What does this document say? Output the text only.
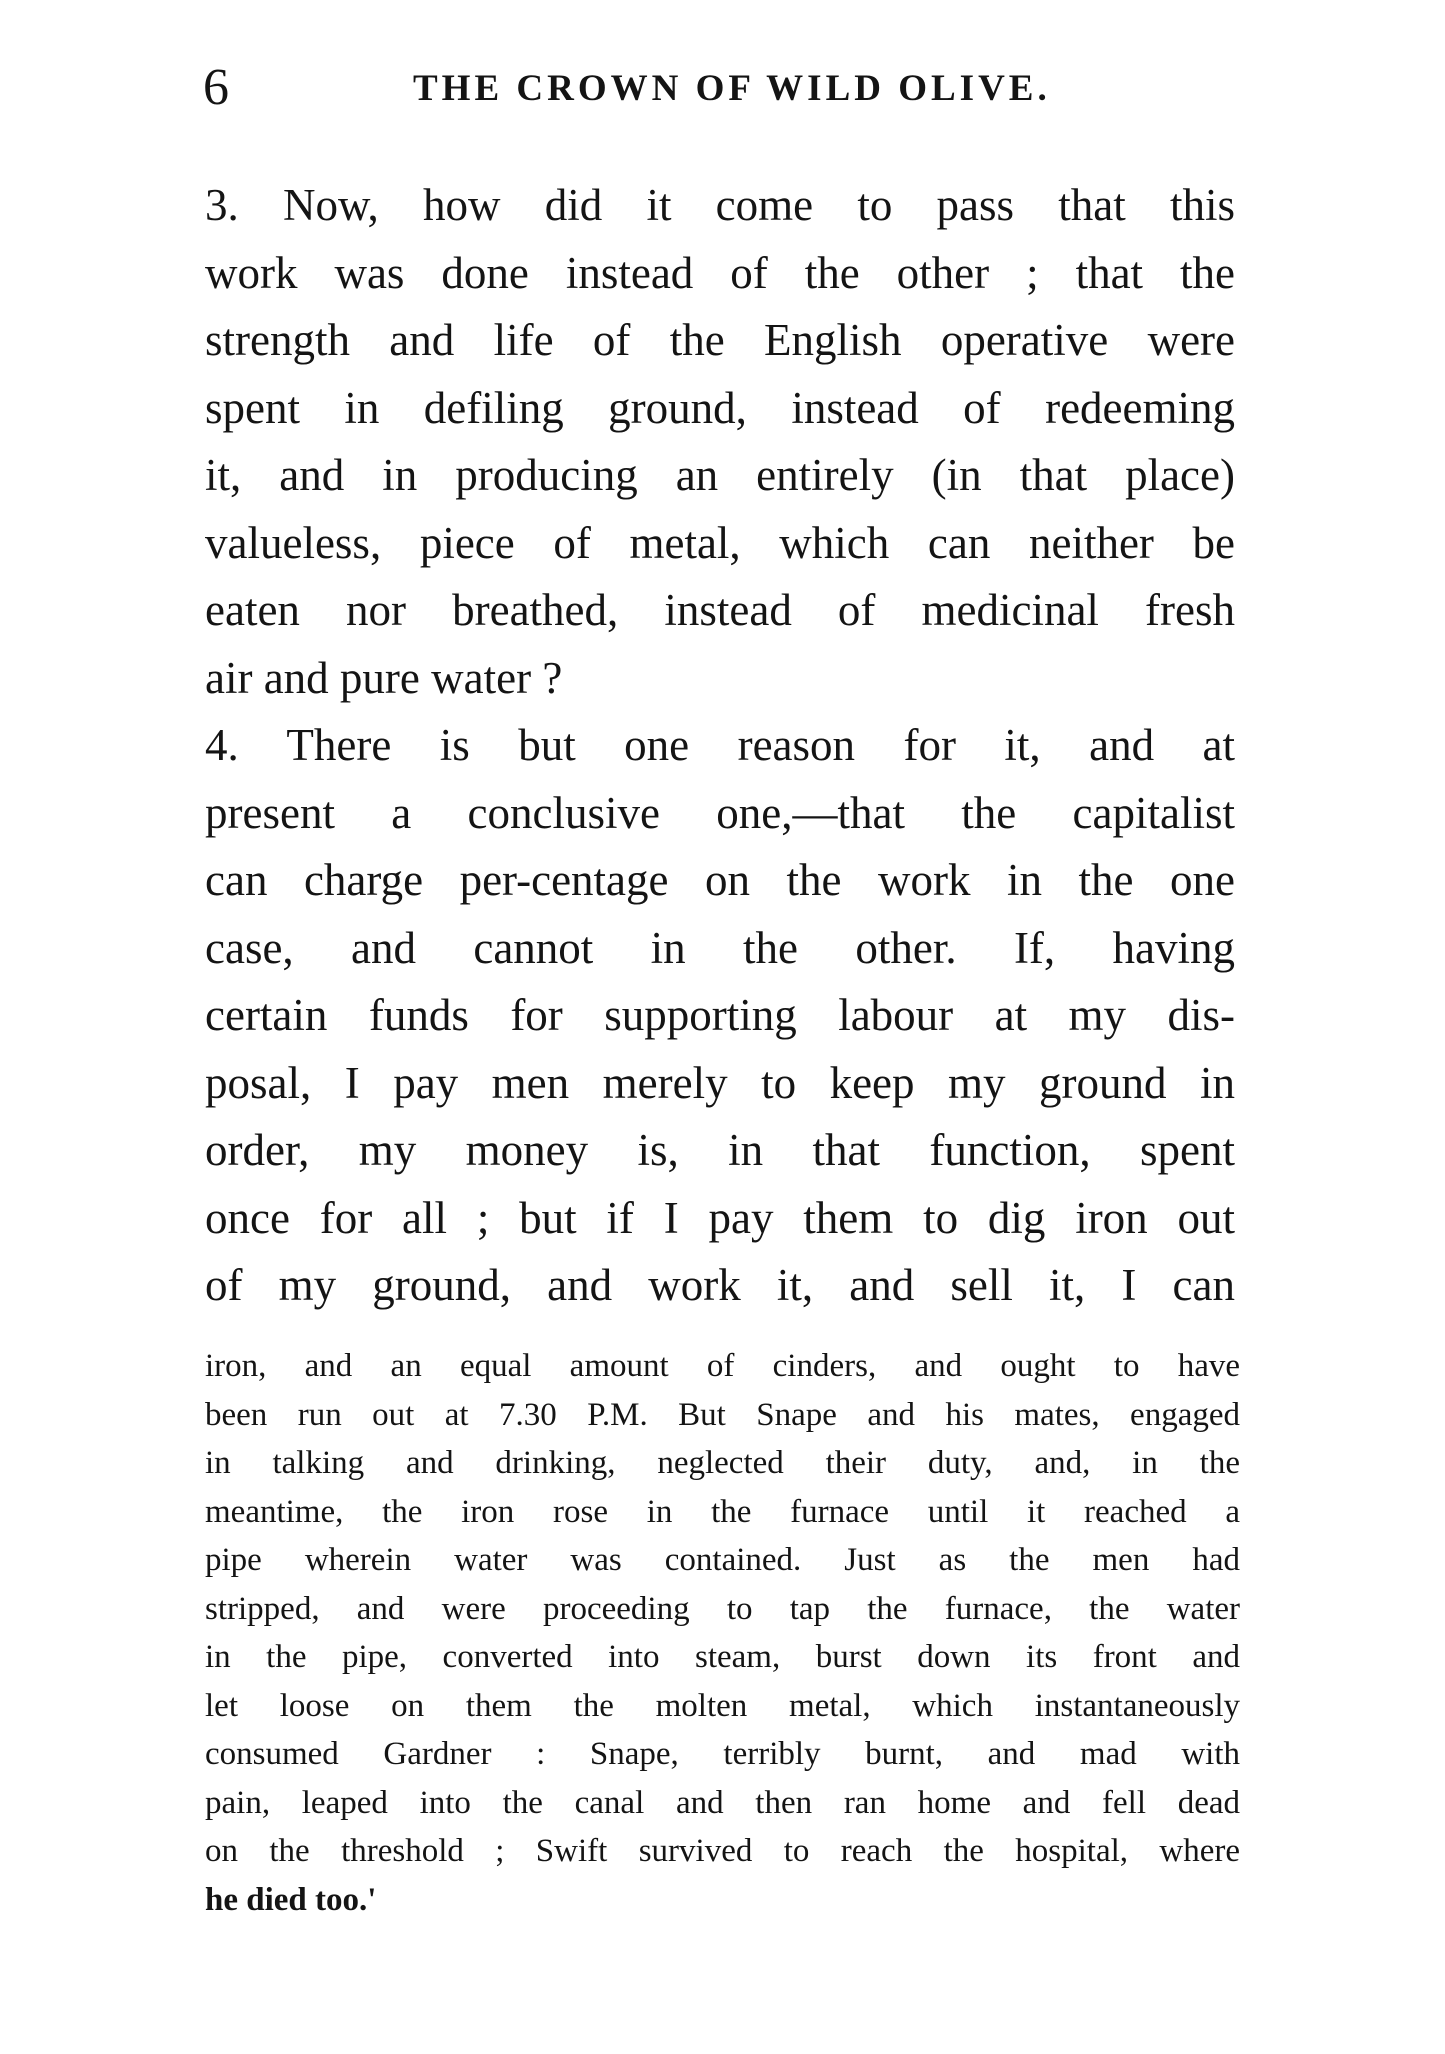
6	THE CROWN OF WILD OLIVE.
3. Now, how did it come to pass that this
work was done instead of the other ; that the
strength and life of the English operative were
spent in defiling ground, instead of redeeming
it, and in producing an entirely (in that place)
valueless, piece of metal, which can neither be
eaten nor breathed, instead of medicinal fresh
air and pure water ?
4. There is but one reason for it, and at
present a conclusive one,—that the capitalist
can charge per-centage on the work in the one
case, and cannot in the other. If, having
certain funds for supporting labour at my dis-
posal, I pay men merely to keep my ground in
order, my money is, in that function, spent
once for all ; but if I pay them to dig iron out
of my ground, and work it, and sell it, I can
iron, and an equal amount of cinders, and ought to have
been run out at 7.30 P.M. But Snape and his mates, engaged
in talking and drinking, neglected their duty, and, in the
meantime, the iron rose in the furnace until it reached a
pipe wherein water was contained. Just as the men had
stripped, and were proceeding to tap the furnace, the water
in the pipe, converted into steam, burst down its front and
let loose on them the molten metal, which instantaneously
consumed Gardner : Snape, terribly burnt, and mad with
pain, leaped into the canal and then ran home and fell dead
on the threshold ; Swift survived to reach the hospital, where
he died too.'
